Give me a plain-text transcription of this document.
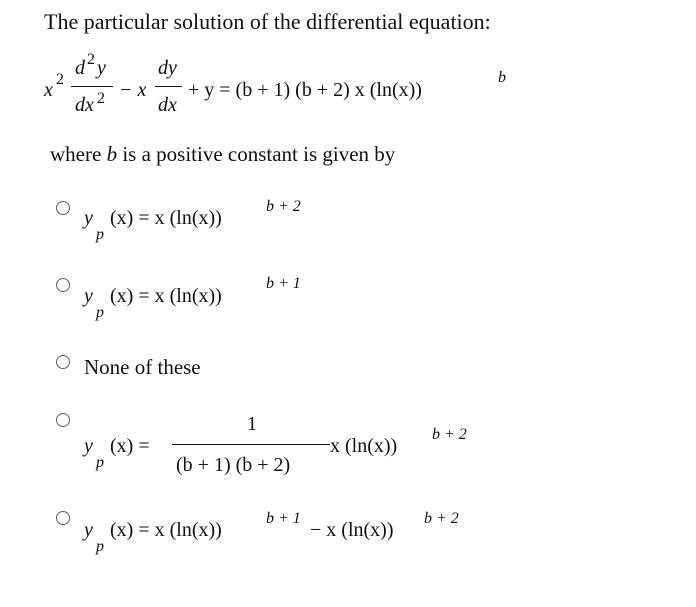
The particular solution of the differential equation:
x 2
d 2 y
dx 2 − x
dy
dx
+ y = (b + 1) (b + 2) x (ln(x))
b
where b is a positive constant is given by
y
p
(x) = x (ln(x))
b + 2
y
p
(x) = x (ln(x))
b + 1
None of these
y
p
(x) =
1
(b + 1) (b + 2)
x (ln(x))
b + 2
y
p
(x) = x (ln(x))
b + 1
− x (ln(x))
b + 2
